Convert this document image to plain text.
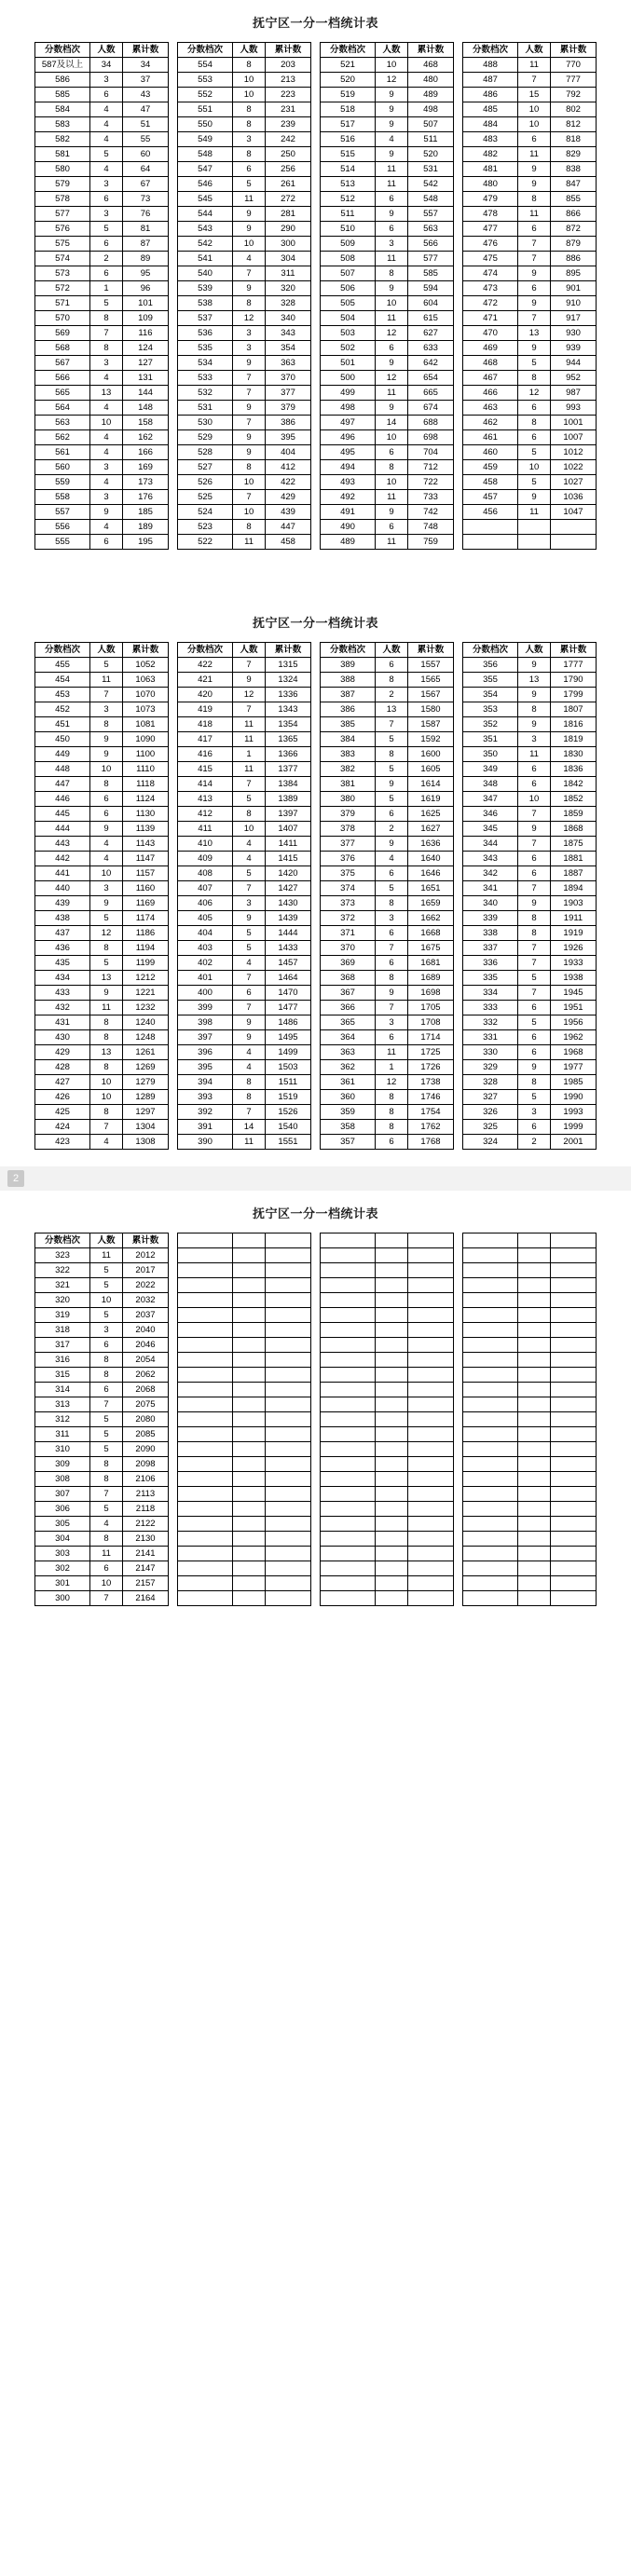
抚宁区一分一档统计表
分数档次	人数	累计数		分数档次	人数	累计数		分数档次	人数	累计数		分数档次	人数	累计数
587及以上	34	34		554	8	203		521	10	468		488	11	770
586	3	37		553	10	213		520	12	480		487	7	777
585	6	43		552	10	223		519	9	489		486	15	792
584	4	47		551	8	231		518	9	498		485	10	802
583	4	51		550	8	239		517	9	507		484	10	812
582	4	55		549	3	242		516	4	511		483	6	818
581	5	60		548	8	250		515	9	520		482	11	829
580	4	64		547	6	256		514	11	531		481	9	838
579	3	67		546	5	261		513	11	542		480	9	847
578	6	73		545	11	272		512	6	548		479	8	855
577	3	76		544	9	281		511	9	557		478	11	866
576	5	81		543	9	290		510	6	563		477	6	872
575	6	87		542	10	300		509	3	566		476	7	879
574	2	89		541	4	304		508	11	577		475	7	886
573	6	95		540	7	311		507	8	585		474	9	895
572	1	96		539	9	320		506	9	594		473	6	901
571	5	101		538	8	328		505	10	604		472	9	910
570	8	109		537	12	340		504	11	615		471	7	917
569	7	116		536	3	343		503	12	627		470	13	930
568	8	124		535	3	354		502	6	633		469	9	939
567	3	127		534	9	363		501	9	642		468	5	944
566	4	131		533	7	370		500	12	654		467	8	952
565	13	144		532	7	377		499	11	665		466	12	987
564	4	148		531	9	379		498	9	674		463	6	993
563	10	158		530	7	386		497	14	688		462	8	1001
562	4	162		529	9	395		496	10	698		461	6	1007
561	4	166		528	9	404		495	6	704		460	5	1012
560	3	169		527	8	412		494	8	712		459	10	1022
559	4	173		526	10	422		493	10	722		458	5	1027
558	3	176		525	7	429		492	11	733		457	9	1036
557	9	185		524	10	439		491	9	742		456	11	1047
556	4	189		523	8	447		490	6	748				
555	6	195		522	11	458		489	11	759				
抚宁区一分一档统计表
分数档次	人数	累计数		分数档次	人数	累计数		分数档次	人数	累计数		分数档次	人数	累计数
455	5	1052		422	7	1315		389	6	1557		356	9	1777
454	11	1063		421	9	1324		388	8	1565		355	13	1790
453	7	1070		420	12	1336		387	2	1567		354	9	1799
452	3	1073		419	7	1343		386	13	1580		353	8	1807
451	8	1081		418	11	1354		385	7	1587		352	9	1816
450	9	1090		417	11	1365		384	5	1592		351	3	1819
449	9	1100		416	1	1366		383	8	1600		350	11	1830
448	10	1110		415	11	1377		382	5	1605		349	6	1836
447	8	1118		414	7	1384		381	9	1614		348	6	1842
446	6	1124		413	5	1389		380	5	1619		347	10	1852
445	6	1130		412	8	1397		379	6	1625		346	7	1859
444	9	1139		411	10	1407		378	2	1627		345	9	1868
443	4	1143		410	4	1411		377	9	1636		344	7	1875
442	4	1147		409	4	1415		376	4	1640		343	6	1881
441	10	1157		408	5	1420		375	6	1646		342	6	1887
440	3	1160		407	7	1427		374	5	1651		341	7	1894
439	9	1169		406	3	1430		373	8	1659		340	9	1903
438	5	1174		405	9	1439		372	3	1662		339	8	1911
437	12	1186		404	5	1444		371	6	1668		338	8	1919
436	8	1194		403	5	1433		370	7	1675		337	7	1926
435	5	1199		402	4	1457		369	6	1681		336	7	1933
434	13	1212		401	7	1464		368	8	1689		335	5	1938
433	9	1221		400	6	1470		367	9	1698		334	7	1945
432	11	1232		399	7	1477		366	7	1705		333	6	1951
431	8	1240		398	9	1486		365	3	1708		332	5	1956
430	8	1248		397	9	1495		364	6	1714		331	6	1962
429	13	1261		396	4	1499		363	11	1725		330	6	1968
428	8	1269		395	4	1503		362	1	1726		329	9	1977
427	10	1279		394	8	1511		361	12	1738		328	8	1985
426	10	1289		393	8	1519		360	8	1746		327	5	1990
425	8	1297		392	7	1526		359	8	1754		326	3	1993
424	7	1304		391	14	1540		358	8	1762		325	6	1999
423	4	1308		390	11	1551		357	6	1768		324	2	2001
2
抚宁区一分一档统计表
分数档次	人数	累计数												
323	11	2012												
322	5	2017												
321	5	2022												
320	10	2032												
319	5	2037												
318	3	2040												
317	6	2046												
316	8	2054												
315	8	2062												
314	6	2068												
313	7	2075												
312	5	2080												
311	5	2085												
310	5	2090												
309	8	2098												
308	8	2106												
307	7	2113												
306	5	2118												
305	4	2122												
304	8	2130												
303	11	2141												
302	6	2147												
301	10	2157												
300	7	2164												
